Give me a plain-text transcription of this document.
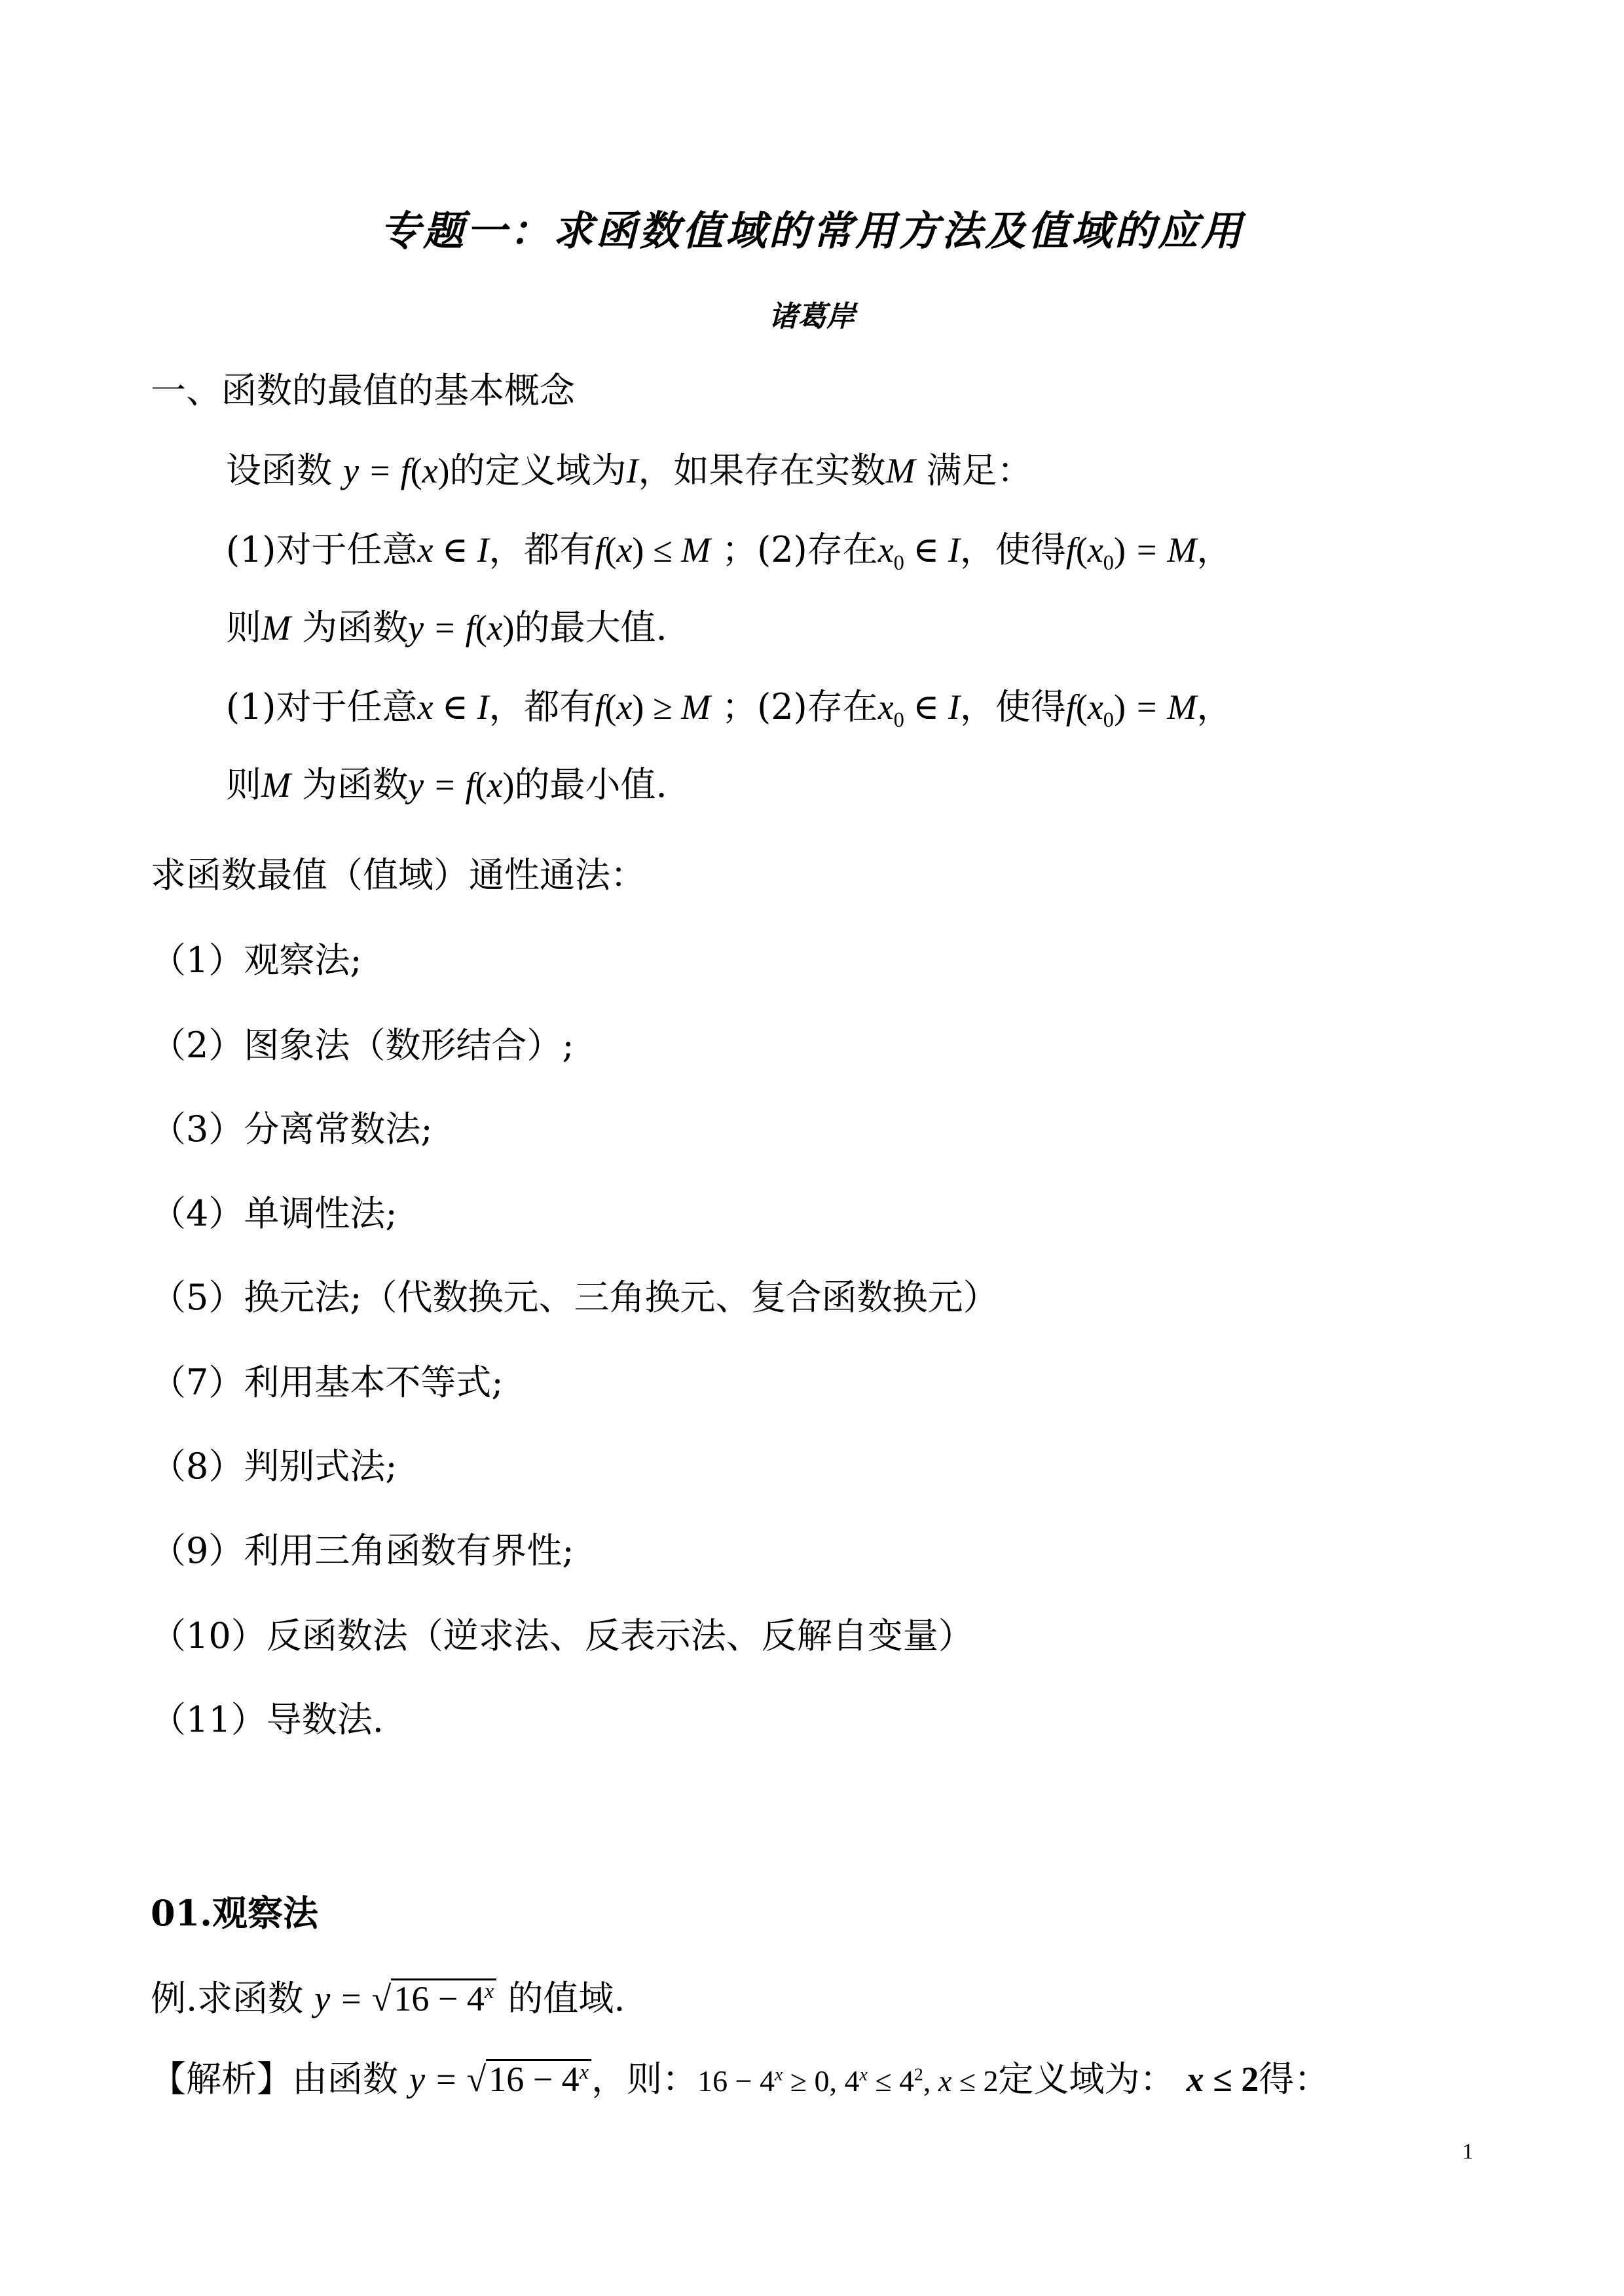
专题一：求函数值域的常用方法及值域的应用
诸葛岸
一、函数的最值的基本概念
设函数 y = f(x)的定义域为I，如果存在实数M 满足：
(1)对于任意x ∈ I，都有f(x) ≤ M ；(2)存在$x_0$ ∈ I，使得$f(x_0) = M$，
则M 为函数y = f(x)的最大值.
(1)对于任意x ∈ I，都有f(x) ≥ M ；(2)存在$x_0$ ∈ I，使得$f(x_0) = M$，
则M 为函数y = f(x)的最小值.
求函数最值（值域）通性通法：
（1）观察法;
（2）图象法（数形结合）;
（3）分离常数法;
（4）单调性法;
（5）换元法;（代数换元、三角换元、复合函数换元）
（7）利用基本不等式;
（8）判别式法;
（9）利用三角函数有界性;
（10）反函数法（逆求法、反表示法、反解自变量）
（11）导数法.
01.观察法
例.求函数 $y = √16 - 4^x$ 的值域.
【解析】由函数 $y = √16 - 4^x$，则：$16 - 4^x \ge 0$, $4^x \le 4^2$, x ≤ 2定义域为： x ≤ 2得：
1
